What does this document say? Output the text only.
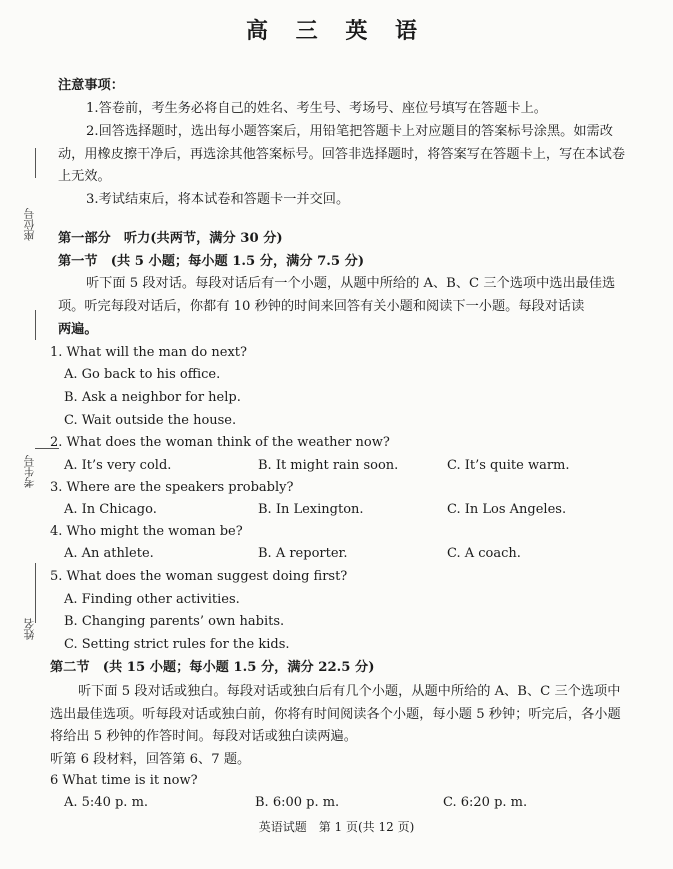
高 三 英 语
注意事项：
1.答卷前，考生务必将自己的姓名、考生号、考场号、座位号填写在答题卡上。
2.回答选择题时，选出每小题答案后，用铅笔把答题卡上对应题目的答案标号涂黑。如需改
动，用橡皮擦干净后，再选涂其他答案标号。回答非选择题时，将答案写在答题卡上，写在本试卷
上无效。
3.考试结束后，将本试卷和答题卡一并交回。
座位号
考生号
姓名
第一部分　听力(共两节，满分 30 分)
第一节　(共 5 小题；每小题 1.5 分，满分 7.5 分)
听下面 5 段对话。每段对话后有一个小题，从题中所给的 A、B、C 三个选项中选出最佳选
项。听完每段对话后，你都有 10 秒钟的时间来回答有关小题和阅读下一小题。每段对话读
两遍。
1. What will the man do next?
A. Go back to his office.
B. Ask a neighbor for help.
C. Wait outside the house.
2. What does the woman think of the weather now?
A. It’s very cold.	B. It might rain soon.	C. It’s quite warm.
3. Where are the speakers probably?
A. In Chicago.	B. In Lexington.	C. In Los Angeles.
4. Who might the woman be?
A. An athlete.	B. A reporter.	C. A coach.
5. What does the woman suggest doing first?
A. Finding other activities.
B. Changing parents’ own habits.
C. Setting strict rules for the kids.
第二节　(共 15 小题；每小题 1.5 分，满分 22.5 分)
听下面 5 段对话或独白。每段对话或独白后有几个小题，从题中所给的 A、B、C 三个选项中
选出最佳选项。听每段对话或独白前，你将有时间阅读各个小题，每小题 5 秒钟；听完后，各小题
将给出 5 秒钟的作答时间。每段对话或独白读两遍。
听第 6 段材料，回答第 6、7 题。
6 What time is it now?
A. 5:40 p. m.	B. 6:00 p. m.	C. 6:20 p. m.
英语试题　第 1 页(共 12 页)
